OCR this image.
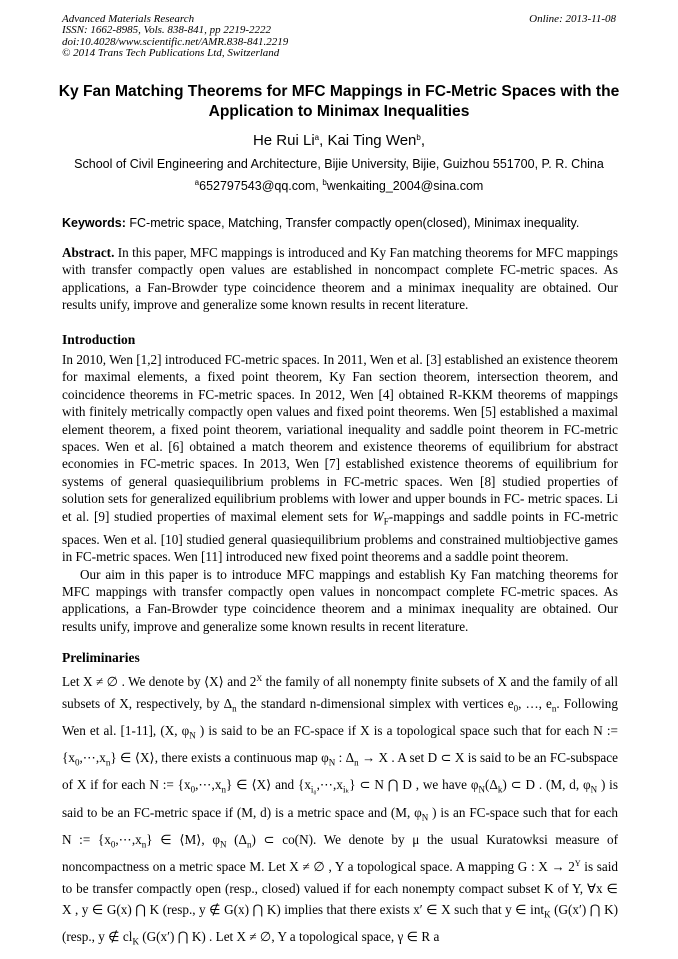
Advanced Materials Research
ISSN: 1662-8985, Vols. 838-841, pp 2219-2222
doi:10.4028/www.scientific.net/AMR.838-841.2219
© 2014 Trans Tech Publications Ltd, Switzerland
Online: 2013-11-08
Ky Fan Matching Theorems for MFC Mappings in FC-Metric Spaces with the Application to Minimax Inequalities
He Rui Li$^a$, Kai Ting Wen$^b$,
School of Civil Engineering and Architecture, Bijie University, Bijie, Guizhou 551700, P. R. China
$^a$652797543@qq.com, $^b$wenkaiting_2004@sina.com
Keywords: FC-metric space, Matching, Transfer compactly open(closed), Minimax inequality.
Abstract. In this paper, MFC mappings is introduced and Ky Fan matching theorems for MFC mappings with transfer compactly open values are established in noncompact complete FC-metric spaces. As applications, a Fan-Browder type coincidence theorem and a minimax inequality are obtained. Our results unify, improve and generalize some known results in recent literature.
Introduction
In 2010, Wen [1,2] introduced FC-metric spaces. In 2011, Wen et al. [3] established an existence theorem for maximal elements, a fixed point theorem, Ky Fan section theorem, intersection theorem, and coincidence theorems in FC-metric spaces. In 2012, Wen [4] obtained R-KKM theorems of mappings with finitely metrically compactly open values and fixed point theorems. Wen [5] established a maximal element theorem, a fixed point theorem, variational inequality and saddle point theorem in FC-metric spaces. Wen et al. [6] obtained a match theorem and existence theorems of equilibrium for abstract economies in FC-metric spaces. In 2013, Wen [7] established existence theorems of equilibrium for systems of general quasiequilibrium problems in FC-metric spaces. Wen [8] studied properties of solution sets for generalized equilibrium problems with lower and upper bounds in FC- metric spaces. Li et al. [9] studied properties of maximal element sets for $W_F$-mappings and saddle points in FC-metric spaces. Wen et al. [10] studied general quasiequilibrium problems and constrained multiobjective games in FC-metric spaces. Wen [11] introduced new fixed point theorems and a saddle point theorem.
Our aim in this paper is to introduce MFC mappings and establish Ky Fan matching theorems for MFC mappings with transfer compactly open values in noncompact complete FC-metric spaces. As applications, a Fan-Browder type coincidence theorem and a minimax inequality are obtained. Our results unify, improve and generalize some known results in recent literature.
Preliminaries
Let X ≠ ∅ . We denote by ⟨X⟩ and $2^X$ the family of all nonempty finite subsets of X and the family of all subsets of X, respectively, by $\Delta_n$ the standard n-dimensional simplex with vertices $e_0$, …, $e_n$. Following Wen et al. [1-11], (X, $\varphi_N$ ) is said to be an FC-space if X is a topological space such that for each N := $\{x_0,\cdots,x_n\}$ ∈ ⟨X⟩, there exists a continuous map $\varphi_N$ : $\Delta_n \to X$ . A set D ⊂ X is said to be an FC-subspace of X if for each N := $\{x_0,\cdots,x_n\}$ ∈ ⟨X⟩ and $\{x_{i_0},\cdots,x_{i_k}\}$ ⊂ N ⋂ D , we have $\varphi_N(\Delta_k)$ ⊂ D . (M, d, $\varphi_N$ ) is said to be an FC-metric space if (M, d) is a metric space and (M, $\varphi_N$ ) is an FC-space such that for each N := $\{x_0,\cdots,x_n\}$ ∈ ⟨M⟩, $\varphi_N$ $(\Delta_n)$ ⊂ co(N). We denote by μ the usual Kuratowksi measure of noncompactness on a metric space M. Let X ≠ ∅ , Y a topological space. A mapping G : $X \to 2^Y$ is said to be transfer compactly open (resp., closed) valued if for each nonempty compact subset K of Y, ∀x ∈ X , y ∈ G(x) ⋂ K (resp., y ∉ G(x) ⋂ K) implies that there exists x′ ∈ X such that y ∈ int$_K$ (G(x′) ⋂ K) (resp., y ∉ $cl_K$ (G(x′) ⋂ K) . Let X ≠ ∅, Y a topological space, γ ∈ R a
